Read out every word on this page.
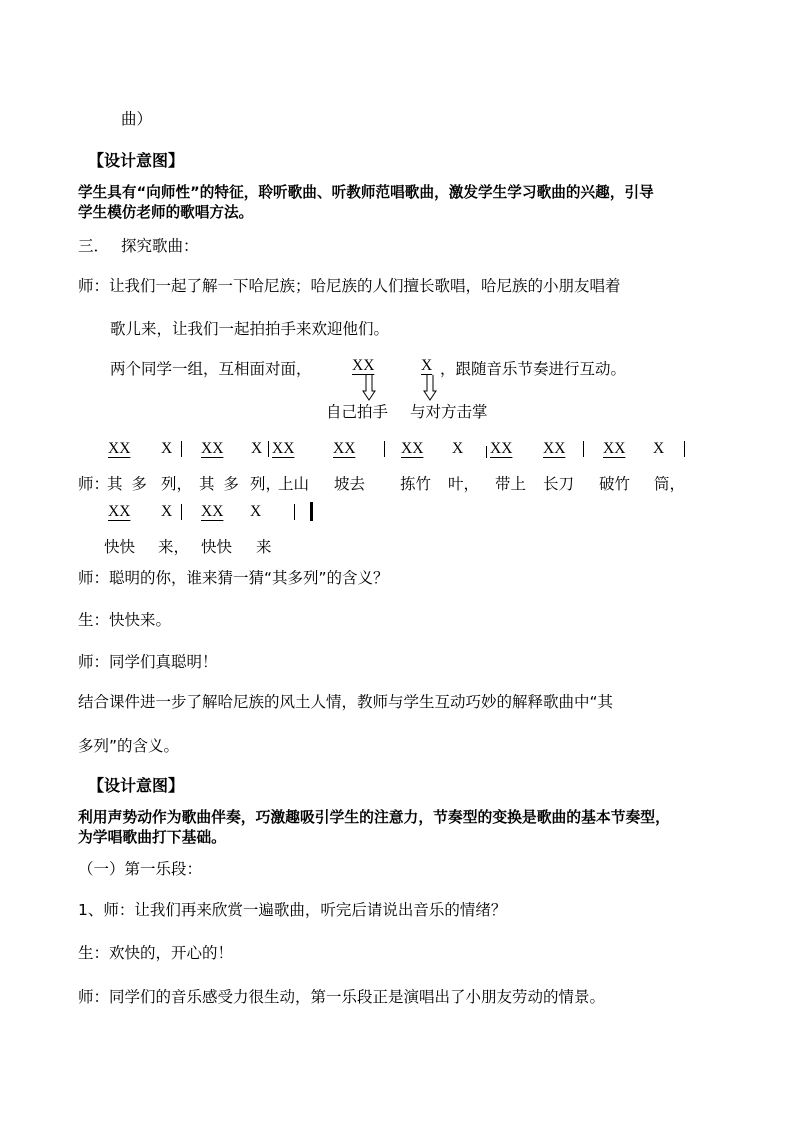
曲）
【设计意图】
学生具有“向师性”的特征，聆听歌曲、听教师范唱歌曲，激发学生学习歌曲的兴趣，引导
学生模仿老师的歌唱方法。
三． 探究歌曲：
师：让我们一起了解一下哈尼族；哈尼族的人们擅长歌唱，哈尼族的小朋友唱着
歌儿来，让我们一起拍拍手来欢迎他们。
两个同学一组，互相面对面，	XX	X ，跟随音乐节奏进行互动。
自己拍手 与对方击掌
XX X XX X XX XX	XX X XX XX XX X
师：
其 多 列， 其 多 列，
上山 坡去 拣竹 叶， 带上 长刀 破竹 筒，
XX X XX X
快快 来， 快快 来
师：聪明的你，谁来猜一猜“其多列”的含义？
生：快快来。
师：同学们真聪明！
结合课件进一步了解哈尼族的风土人情，教师与学生互动巧妙的解释歌曲中“其
多列”的含义。
【设计意图】
利用声势动作为歌曲伴奏，巧激趣吸引学生的注意力，节奏型的变换是歌曲的基本节奏型，
为学唱歌曲打下基础。
（一）第一乐段：
1、师：让我们再来欣赏一遍歌曲，听完后请说出音乐的情绪？
生：欢快的，开心的！
师：同学们的音乐感受力很生动，第一乐段正是演唱出了小朋友劳动的情景。
